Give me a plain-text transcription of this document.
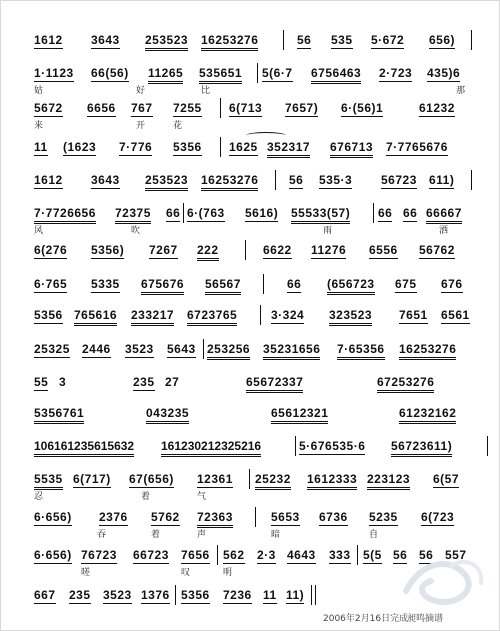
1612 3643 253523 16253276	56 535 5·672 656)
1·1123 66(56) 11265 535651 5(6·7 6756463 2·723 435)6
姑	好	比	那
5672 6656 767 7255 6(713 7657) 6·(56)1	61232
来	开	花
11 (1623 7·776 5356 1625 352317 676713 7·7765676
1612 3643 253523 16253276	56 535·3 56723 611)
7·7726656 72375 66 6·(763 5616) 55533(57) 66 66 66667
风	吹	雨	洒
6(276 5356) 7267 222	6622 11276 6556 56762
6·765 5335 675676 56567	66 (656723 675 676
5356 765616 233217 6723765	3·324 323523 7651 6561
25325 2446 3523 5643 253256 35231656 7·65356 16253276
55 3	235 27	65672337	67253276
5356761	043235	65612321	61232162
106161235615632 161230212325216	5·676535·6 56723611)
5535 6(717) 67(656) 12361 25232 1612333 223123 6(57
忍	着	气
6·656) 2376 5762 72363	5653 6736 5235 6(723
吞	着	声	暗	自
6·656) 76723 66723 7656 562 2·3 4643 333 5(5 56 56 557
嗟	叹	明
667 235 3523 1376 5356 7236 11 11)
2006年2月16日完成
昶鸣摘谱
